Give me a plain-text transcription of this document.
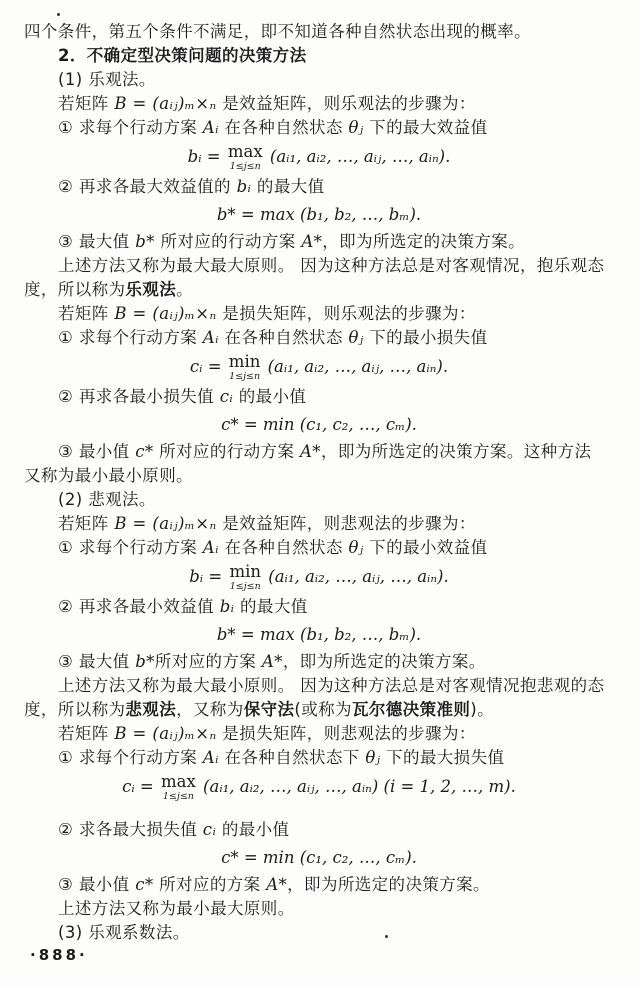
四个条件，第五个条件不满足，即不知道各种自然状态出现的概率。
2．不确定型决策问题的决策方法
(1) 乐观法。
若矩阵 B = (aᵢⱼ)ₘ×ₙ 是效益矩阵，则乐观法的步骤为：
① 求每个行动方案 Aᵢ 在各种自然状态 θⱼ 下的最大效益值
bᵢ = max
1≤j≤n
(aᵢ₁, aᵢ₂, …, aᵢⱼ, …, aᵢₙ).
② 再求各最大效益值的 bᵢ 的最大值
b* = max (b₁, b₂, …, bₘ).
③ 最大值 b* 所对应的行动方案 A*，即为所选定的决策方案。
上述方法又称为最大最大原则。 因为这种方法总是对客观情况，抱乐观态
度，所以称为乐观法。
若矩阵 B = (aᵢⱼ)ₘ×ₙ 是损失矩阵，则乐观法的步骤为：
① 求每个行动方案 Aᵢ 在各种自然状态 θⱼ 下的最小损失值
cᵢ = min
1≤j≤n
(aᵢ₁, aᵢ₂, …, aᵢⱼ, …, aᵢₙ).
② 再求各最小损失值 cᵢ 的最小值
c* = min (c₁, c₂, …, cₘ).
③ 最小值 c* 所对应的行动方案 A*，即为所选定的决策方案。这种方法
又称为最小最小原则。
(2) 悲观法。
若矩阵 B = (aᵢⱼ)ₘ×ₙ 是效益矩阵，则悲观法的步骤为：
① 求每个行动方案 Aᵢ 在各种自然状态 θⱼ 下的最小效益值
bᵢ = min
1≤j≤n
(aᵢ₁, aᵢ₂, …, aᵢⱼ, …, aᵢₙ).
② 再求各最小效益值 bᵢ 的最大值
b* = max (b₁, b₂, …, bₘ).
③ 最大值 b*所对应的方案 A*，即为所选定的决策方案。
上述方法又称为最大最小原则。 因为这种方法总是对客观情况抱悲观的态
度，所以称为悲观法，又称为保守法(或称为瓦尔德决策准则)。
若矩阵 B = (aᵢⱼ)ₘ×ₙ 是损失矩阵，则悲观法的步骤为：
① 求每个行动方案 Aᵢ 在各种自然状态下 θⱼ 下的最大损失值
cᵢ = max
1≤j≤n
(aᵢ₁, aᵢ₂, …, aᵢⱼ, …, aᵢₙ) (i = 1, 2, …, m).
② 求各最大损失值 cᵢ 的最小值
c* = min (c₁, c₂, …, cₘ).
③ 最小值 c* 所对应的方案 A*，即为所选定的决策方案。
上述方法又称为最小最大原则。
(3) 乐观系数法。
·888·
